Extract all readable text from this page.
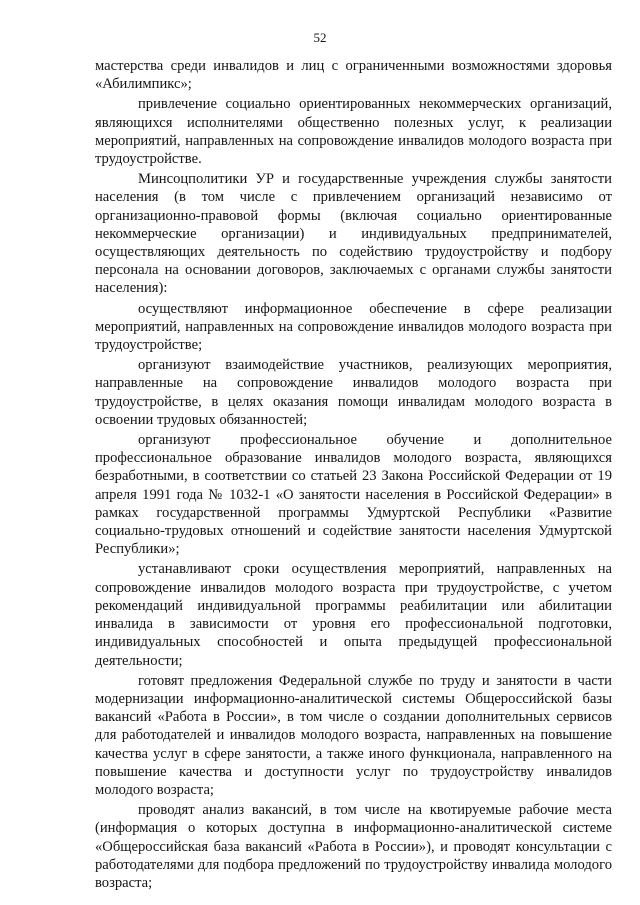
52

мастерства среди инвалидов и лиц с ограниченными возможностями здоровья «Абилимпикс»;

привлечение социально ориентированных некоммерческих организаций, являющихся исполнителями общественно полезных услуг, к реализации мероприятий, направленных на сопровождение инвалидов молодого возраста при трудоустройстве.

Минсоцполитики УР и государственные учреждения службы занятости населения (в том числе с привлечением организаций независимо от организационно-правовой формы (включая социально ориентированные некоммерческие организации) и индивидуальных предпринимателей, осуществляющих деятельность по содействию трудоустройству и подбору персонала на основании договоров, заключаемых с органами службы занятости населения):

осуществляют информационное обеспечение в сфере реализации мероприятий, направленных на сопровождение инвалидов молодого возраста при трудоустройстве;

организуют взаимодействие участников, реализующих мероприятия, направленные на сопровождение инвалидов молодого возраста при трудоустройстве, в целях оказания помощи инвалидам молодого возраста в освоении трудовых обязанностей;

организуют профессиональное обучение и дополнительное профессиональное образование инвалидов молодого возраста, являющихся безработными, в соответствии со статьей 23 Закона Российской Федерации от 19 апреля 1991 года № 1032-1 «О занятости населения в Российской Федерации» в рамках государственной программы Удмуртской Республики «Развитие социально-трудовых отношений и содействие занятости населения Удмуртской Республики»;

устанавливают сроки осуществления мероприятий, направленных на сопровождение инвалидов молодого возраста при трудоустройстве, с учетом рекомендаций индивидуальной программы реабилитации или абилитации инвалида в зависимости от уровня его профессиональной подготовки, индивидуальных способностей и опыта предыдущей профессиональной деятельности;

готовят предложения Федеральной службе по труду и занятости в части модернизации информационно-аналитической системы Общероссийской базы вакансий «Работа в России», в том числе о создании дополнительных сервисов для работодателей и инвалидов молодого возраста, направленных на повышение качества услуг в сфере занятости, а также иного функционала, направленного на повышение качества и доступности услуг по трудоустройству инвалидов молодого возраста;

проводят анализ вакансий, в том числе на квотируемые рабочие места (информация о которых доступна в информационно-аналитической системе «Общероссийская база вакансий «Работа в России»), и проводят консультации с работодателями для подбора предложений по трудоустройству инвалида молодого возраста;
